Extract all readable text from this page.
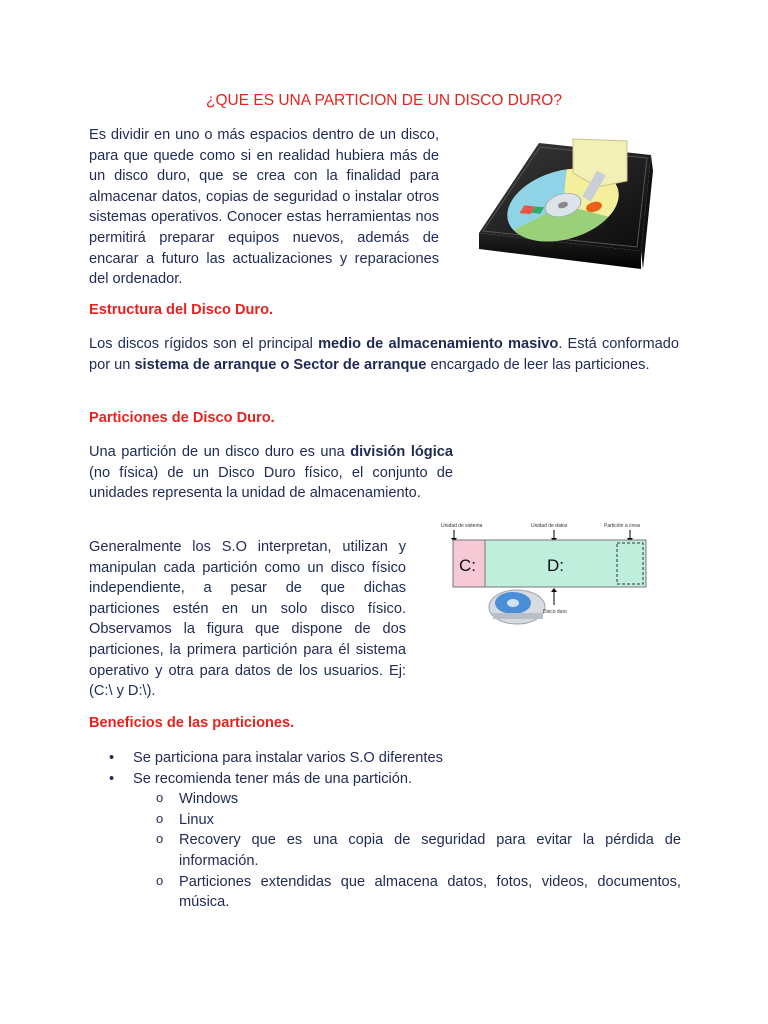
¿QUE ES UNA PARTICION DE UN DISCO DURO?

Es dividir en uno o más espacios dentro de un disco, para que quede como si en realidad hubiera más de un disco duro, que se crea con la finalidad para almacenar datos, copias de seguridad o instalar otros sistemas operativos. Conocer estas herramientas nos permitirá preparar equipos nuevos, además de encarar a futuro las actualizaciones y reparaciones del ordenador.

Estructura del Disco Duro.

Los discos rígidos son el principal medio de almacenamiento masivo. Está conformado por un sistema de arranque o Sector de arranque encargado de leer las particiones.

Particiones de Disco Duro.

Una partición de un disco duro es una división lógica (no física) de un Disco Duro físico, el conjunto de unidades representa la unidad de almacenamiento.

Generalmente los S.O interpretan, utilizan y manipulan cada partición como un disco físico independiente, a pesar de que dichas particiones estén en un solo disco físico. Observamos la figura que dispone de dos particiones, la primera partición para él sistema operativo y otra para datos de los usuarios. Ej: (C:\ y D:\).

Unidad de sistema	Unidad de datos	Partición a crear
C:	D:
Disco duro
Beneficios de las particiones.
• Se particiona para instalar varios S.O diferentes
• Se recomienda tener más de una partición.
o Windows
o Linux
o Recovery que es una copia de seguridad para evitar la pérdida de información.
o Particiones extendidas que almacena datos, fotos, videos, documentos, música.
